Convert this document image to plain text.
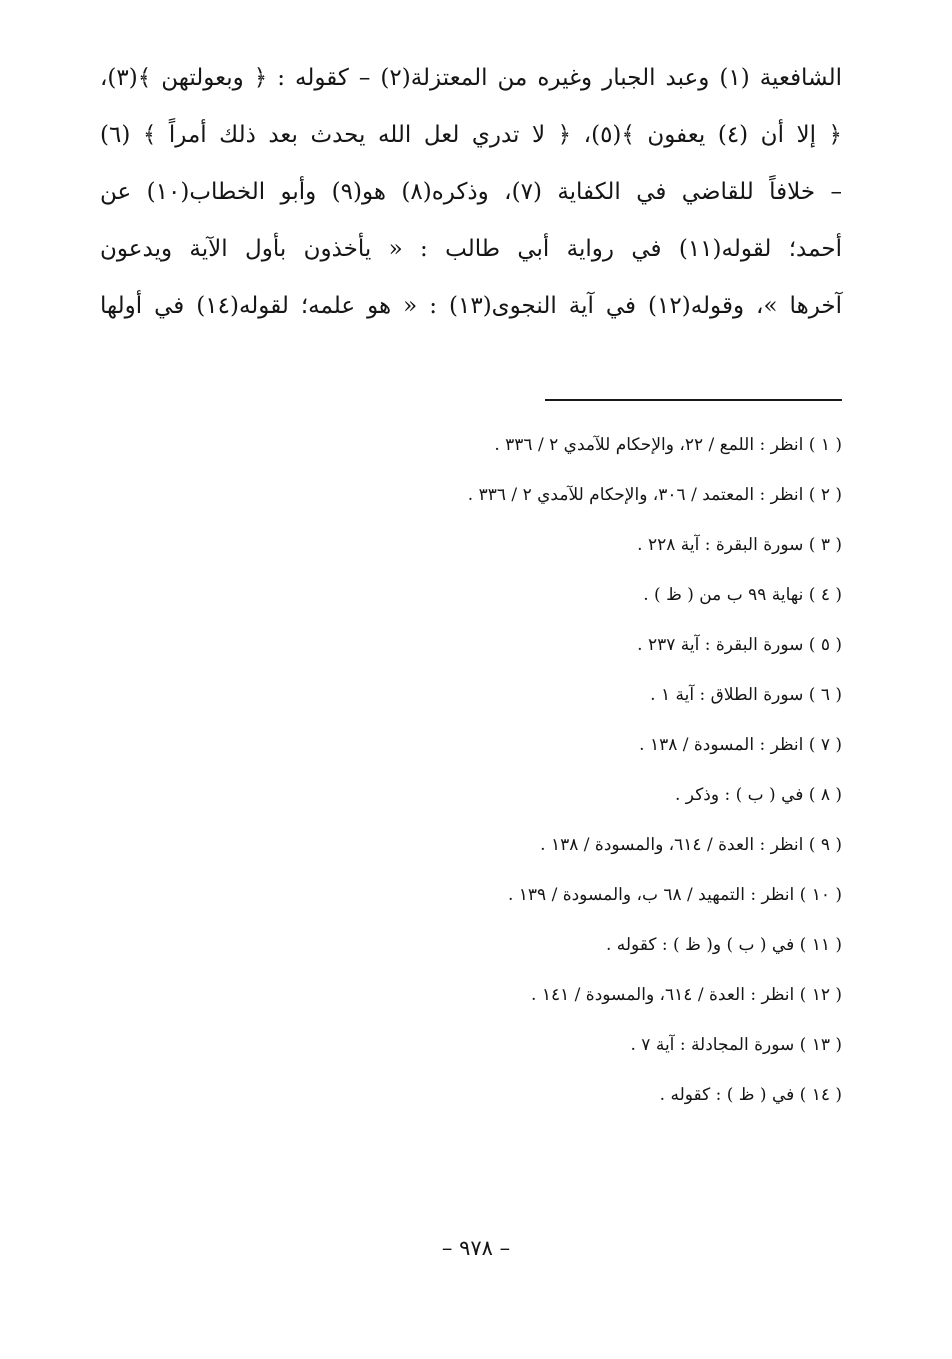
الشافعية (١) وعبد الجبار وغيره من المعتزلة(٢) – كقوله : ﴿ وبعولتهن ﴾(٣)،
﴿ إلا أن (٤) يعفون ﴾(٥)، ﴿ لا تدري لعل الله يحدث بعد ذلك أمراً ﴾ (٦)
– خلافاً للقاضي في الكفاية (٧)، وذكره(٨) هو(٩) وأبو الخطاب(١٠) عن
أحمد؛ لقوله(١١) في رواية أبي طالب : « يأخذون بأول الآية ويدعون
آخرها »، وقوله(١٢) في آية النجوى(١٣) : « هو علمه؛ لقوله(١٤) في أولها
( ١ ) انظر : اللمع / ٢٢، والإحكام للآمدي ٢ / ٣٣٦ .
( ٢ ) انظر : المعتمد / ٣٠٦، والإحكام للآمدي ٢ / ٣٣٦ .
( ٣ ) سورة البقرة : آية ٢٢٨ .
( ٤ ) نهاية ٩٩ ب من ( ظ ) .
( ٥ ) سورة البقرة : آية ٢٣٧ .
( ٦ ) سورة الطلاق : آية ١ .
( ٧ ) انظر : المسودة / ١٣٨ .
( ٨ ) في ( ب ) : وذكر .
( ٩ ) انظر : العدة / ٦١٤، والمسودة / ١٣٨ .
( ١٠ ) انظر : التمهيد / ٦٨ ب، والمسودة / ١٣٩ .
( ١١ ) في ( ب ) و( ظ ) : كقوله .
( ١٢ ) انظر : العدة / ٦١٤، والمسودة / ١٤١ .
( ١٣ ) سورة المجادلة : آية ٧ .
( ١٤ ) في ( ظ ) : كقوله .
– ٩٧٨ –
